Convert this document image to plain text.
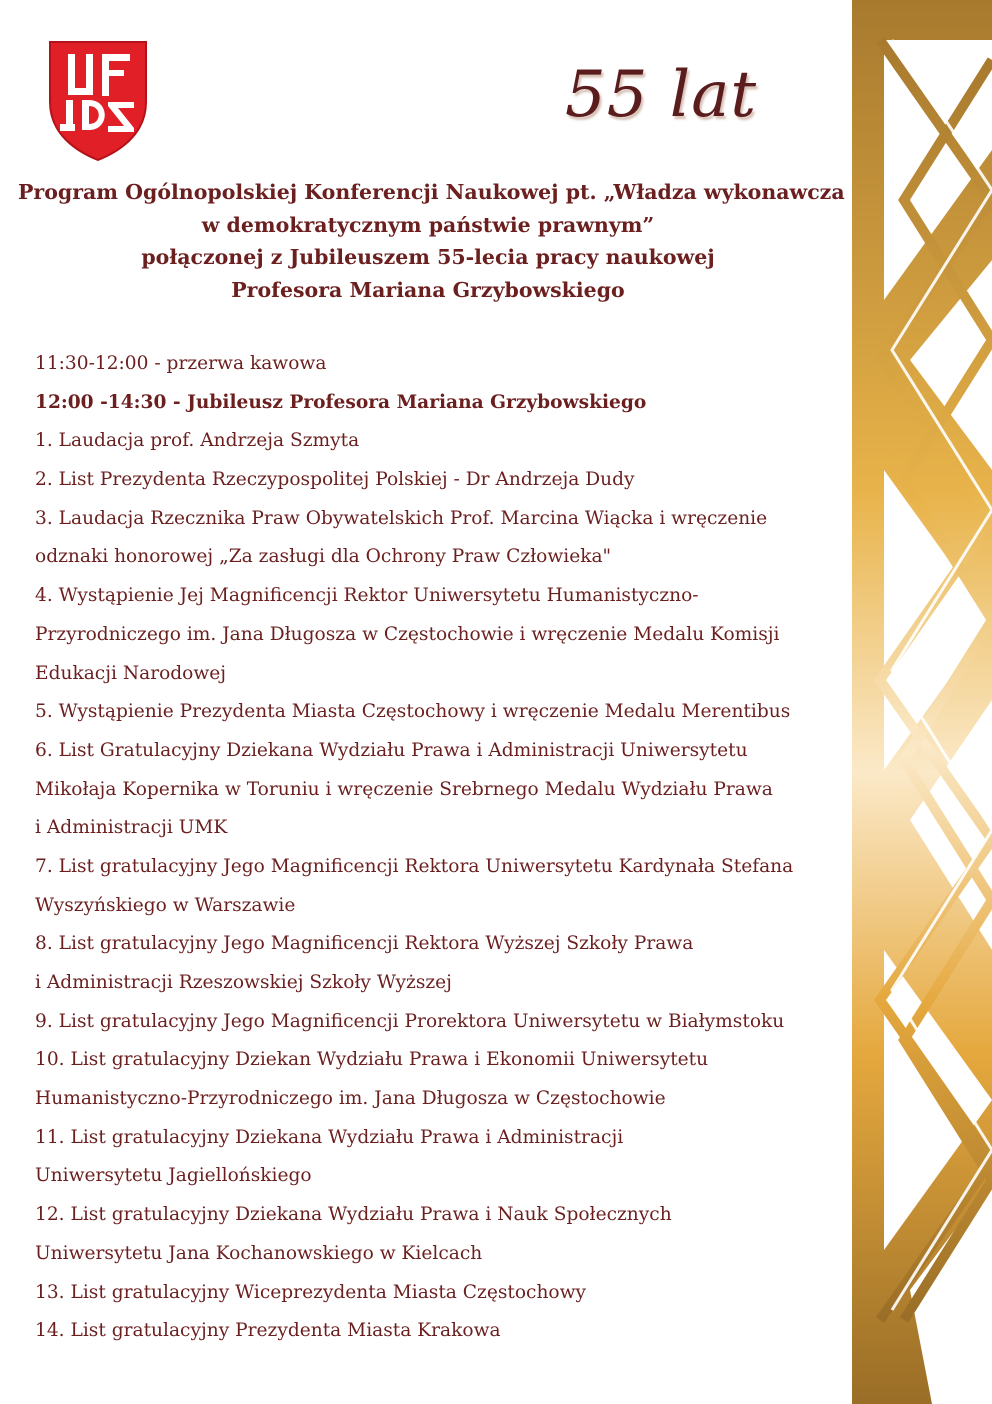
55 lat
Program Ogólnopolskiej Konferencji Naukowej pt. „Władza wykonawcza
w demokratycznym państwie prawnym”
połączonej z Jubileuszem 55-lecia pracy naukowej
Profesora Mariana Grzybowskiego
11:30-12:00 - przerwa kawowa
12:00 -14:30 - Jubileusz Profesora Mariana Grzybowskiego
1. Laudacja prof. Andrzeja Szmyta
2. List Prezydenta Rzeczypospolitej Polskiej - Dr Andrzeja Dudy
3. Laudacja Rzecznika Praw Obywatelskich Prof. Marcina Wiącka i wręczenie
odznaki honorowej „Za zasługi dla Ochrony Praw Człowieka"
4. Wystąpienie Jej Magnificencji Rektor Uniwersytetu Humanistyczno-
Przyrodniczego im. Jana Długosza w Częstochowie i wręczenie Medalu Komisji
Edukacji Narodowej
5. Wystąpienie Prezydenta Miasta Częstochowy i wręczenie Medalu Merentibus
6. List Gratulacyjny Dziekana Wydziału Prawa i Administracji Uniwersytetu
Mikołaja Kopernika w Toruniu i wręczenie Srebrnego Medalu Wydziału Prawa
i Administracji UMK
7. List gratulacyjny Jego Magnificencji Rektora Uniwersytetu Kardynała Stefana
Wyszyńskiego w Warszawie
8. List gratulacyjny Jego Magnificencji Rektora Wyższej Szkoły Prawa
i Administracji Rzeszowskiej Szkoły Wyższej
9. List gratulacyjny Jego Magnificencji Prorektora Uniwersytetu w Białymstoku
10. List gratulacyjny Dziekan Wydziału Prawa i Ekonomii Uniwersytetu
Humanistyczno-Przyrodniczego im. Jana Długosza w Częstochowie
11. List gratulacyjny Dziekana Wydziału Prawa i Administracji
Uniwersytetu Jagiellońskiego
12. List gratulacyjny Dziekana Wydziału Prawa i Nauk Społecznych
Uniwersytetu Jana Kochanowskiego w Kielcach
13. List gratulacyjny Wiceprezydenta Miasta Częstochowy
14. List gratulacyjny Prezydenta Miasta Krakowa
